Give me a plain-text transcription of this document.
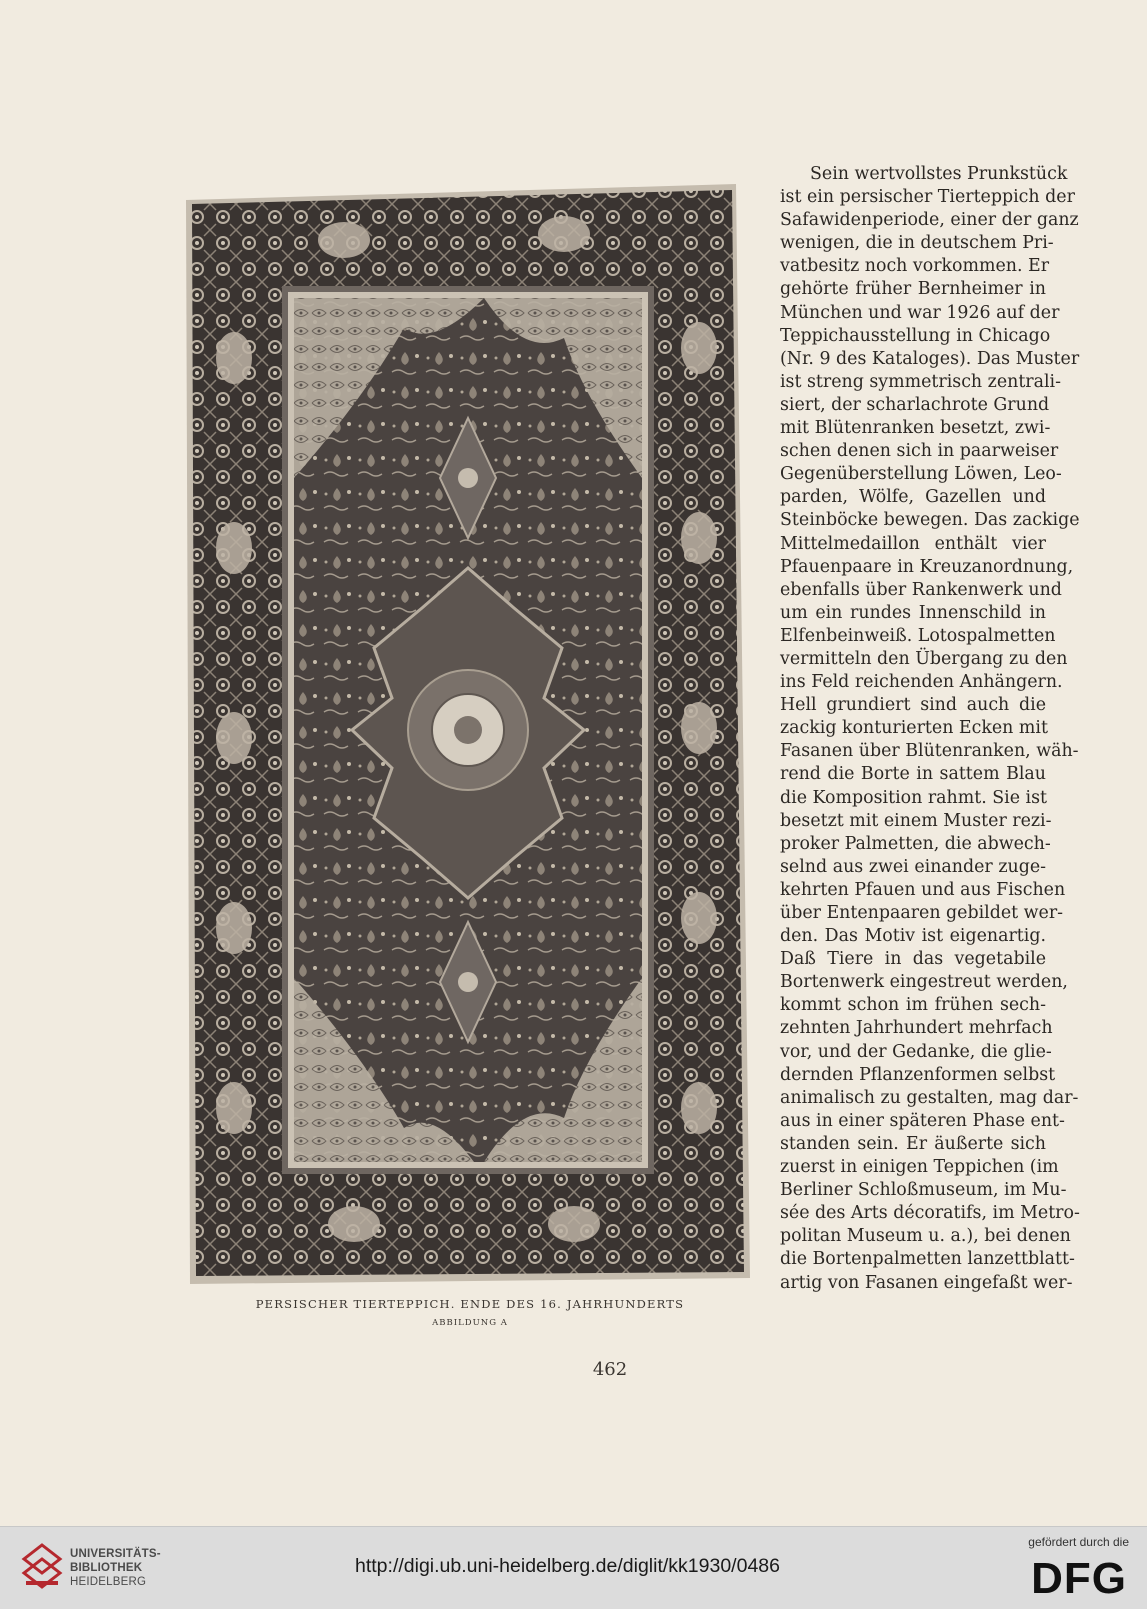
PERSISCHER TIERTEPPICH. ENDE DES 16. JAHRHUNDERTS
ABBILDUNG A
Sein wertvollstes Prunkstück
ist ein persischer Tierteppich der
Safawidenperiode, einer der ganz
wenigen, die in deutschem Pri-
vatbesitz noch vorkommen. Er
gehörte früher Bernheimer in
München und war 1926 auf der
Teppichausstellung in Chicago
(Nr. 9 des Kataloges). Das Muster
ist streng symmetrisch zentrali-
siert, der scharlachrote Grund
mit Blütenranken besetzt, zwi-
schen denen sich in paarweiser
Gegenüberstellung Löwen, Leo-
parden, Wölfe, Gazellen und
Steinböcke bewegen. Das zackige
Mittelmedaillon enthält vier
Pfauenpaare in Kreuzanordnung,
ebenfalls über Rankenwerk und
um ein rundes Innenschild in
Elfenbeinweiß. Lotospalmetten
vermitteln den Übergang zu den
ins Feld reichenden Anhängern.
Hell grundiert sind auch die
zackig konturierten Ecken mit
Fasanen über Blütenranken, wäh-
rend die Borte in sattem Blau
die Komposition rahmt. Sie ist
besetzt mit einem Muster rezi-
proker Palmetten, die abwech-
selnd aus zwei einander zuge-
kehrten Pfauen und aus Fischen
über Entenpaaren gebildet wer-
den. Das Motiv ist eigenartig.
Daß Tiere in das vegetabile
Bortenwerk eingestreut werden,
kommt schon im frühen sech-
zehnten Jahrhundert mehrfach
vor, und der Gedanke, die glie-
dernden Pflanzenformen selbst
animalisch zu gestalten, mag dar-
aus in einer späteren Phase ent-
standen sein. Er äußerte sich
zuerst in einigen Teppichen (im
Berliner Schloßmuseum, im Mu-
sée des Arts décoratifs, im Metro-
politan Museum u. a.), bei denen
die Bortenpalmetten lanzettblatt-
artig von Fasanen eingefaßt wer-
462
UNIVERSITÄTS-
BIBLIOTHEK
HEIDELBERG
http://digi.ub.uni-heidelberg.de/diglit/kk1930/0486
gefördert durch die
DFG
